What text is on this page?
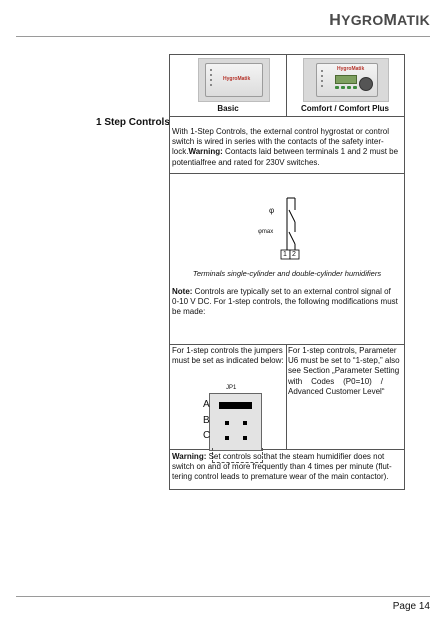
HYGROMATIK
1 Step Controls
HygroMatik
HygroMatik
Basic	Comfort / Comfort Plus
With 1-Step Controls, the external control hygrostat or control
switch is wired in series with the contacts of the safety inter-
lock.Warning: Contacts laid between terminals 1 and 2 must be
potentialfree and rated for 230V switches.
φ
φmax
1 2
Terminals single-cylinder and double-cylinder humidifiers
Note: Controls are typically set to an external control signal of
0-10 V DC. For 1-step controls, the following modifications must
be made:
For 1-step controls the jumpers
must be set as indicated below:
JP1
A
B
C
For 1-step controls, Parameter
U6 must be set to “1-step,” also
see Section „Parameter Setting
with    Codes    (P0=10)    /
Advanced Customer Level“
Warning: Set controls so that the steam humidifier does not
switch on and of more frequently than 4 times per minute (flut-
tering control leads to premature wear of the main contactor).
Page 14
